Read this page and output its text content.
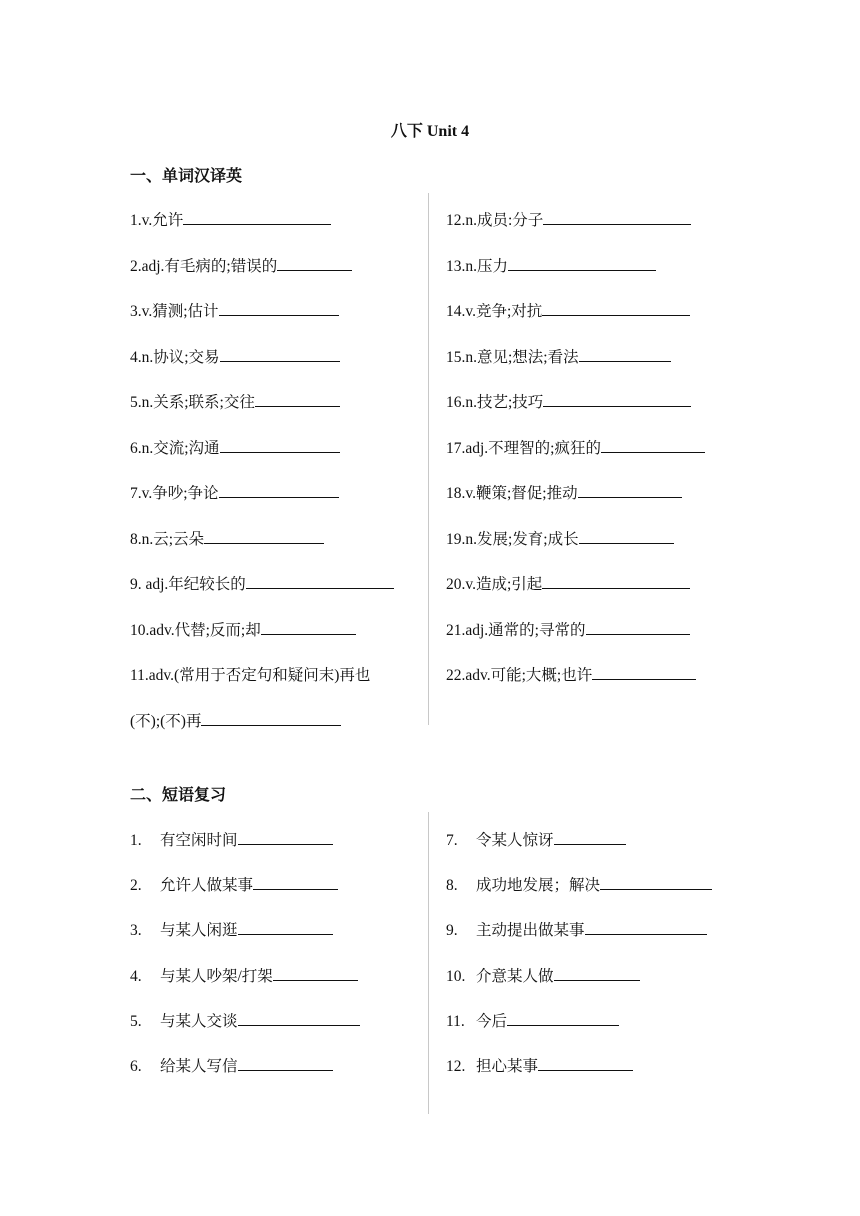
八下 Unit 4
一、单词汉译英
1.v.允许
2.adj.有毛病的;错误的
3.v.猜测;估计
4.n.协议;交易
5.n.关系;联系;交往
6.n.交流;沟通
7.v.争吵;争论
8.n.云;云朵
9. adj.年纪较长的
10.adv.代替;反而;却
11.adv.(常用于否定句和疑问末)再也
(不);(不)再
12.n.成员:分子
13.n.压力
14.v.竞争;对抗
15.n.意见;想法;看法
16.n.技艺;技巧
17.adj.不理智的;疯狂的
18.v.鞭策;督促;推动
19.n.发展;发育;成长
20.v.造成;引起
21.adj.通常的;寻常的
22.adv.可能;大概;也许
二、短语复习
1. 有空闲时间
2. 允许人做某事
3. 与某人闲逛
4. 与某人吵架/打架
5. 与某人交谈
6. 给某人写信
7. 令某人惊讶
8. 成功地发展；解决
9. 主动提出做某事
10. 介意某人做
11. 今后
12. 担心某事
